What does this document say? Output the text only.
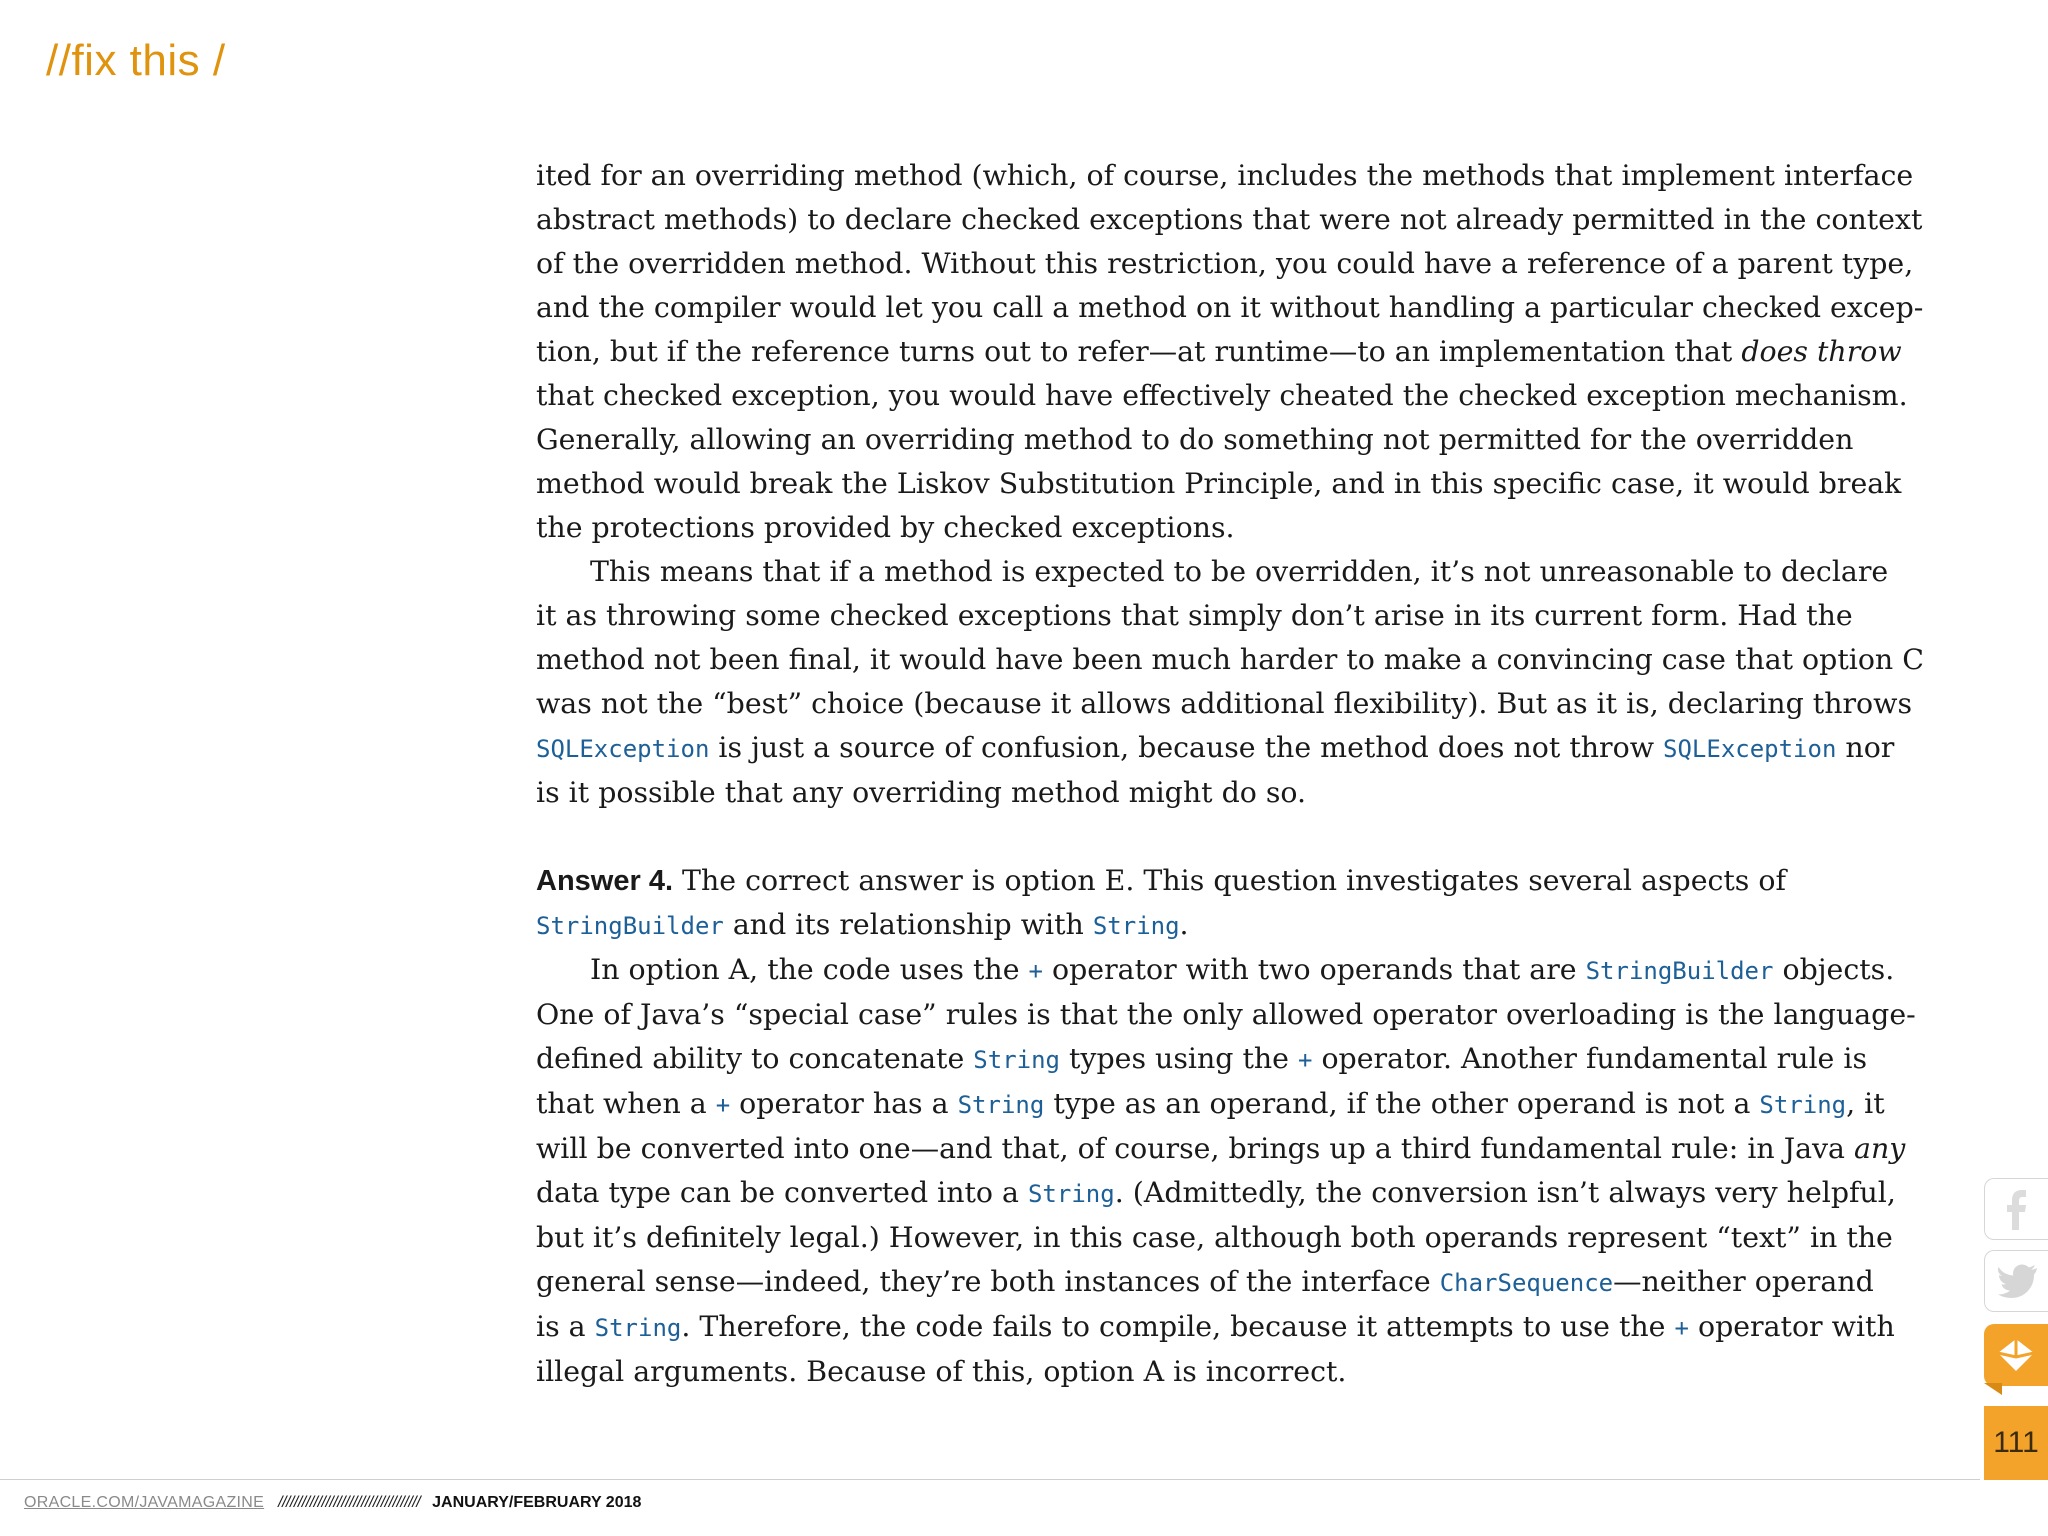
//fix this /

ited for an overriding method (which, of course, includes the methods that implement interface
abstract methods) to declare checked exceptions that were not already permitted in the context
of the overridden method. Without this restriction, you could have a reference of a parent type,
and the compiler would let you call a method on it without handling a particular checked excep-
tion, but if the reference turns out to refer—at runtime—to an implementation that does throw
that checked exception, you would have effectively cheated the checked exception mechanism.
Generally, allowing an overriding method to do something not permitted for the overridden
method would break the Liskov Substitution Principle, and in this specific case, it would break
the protections provided by checked exceptions.

This means that if a method is expected to be overridden, it’s not unreasonable to declare
it as throwing some checked exceptions that simply don’t arise in its current form. Had the
method not been final, it would have been much harder to make a convincing case that option C
was not the “best” choice (because it allows additional flexibility). But as it is, declaring throws
SQLException is just a source of confusion, because the method does not throw SQLException nor
is it possible that any overriding method might do so.

Answer 4. The correct answer is option E. This question investigates several aspects of
StringBuilder and its relationship with String.

In option A, the code uses the + operator with two operands that are StringBuilder objects.
One of Java’s “special case” rules is that the only allowed operator overloading is the language-
defined ability to concatenate String types using the + operator. Another fundamental rule is
that when a + operator has a String type as an operand, if the other operand is not a String, it
will be converted into one—and that, of course, brings up a third fundamental rule: in Java any
data type can be converted into a String. (Admittedly, the conversion isn’t always very helpful,
but it’s definitely legal.) However, in this case, although both operands represent “text” in the
general sense—indeed, they’re both instances of the interface CharSequence—neither operand
is a String. Therefore, the code fails to compile, because it attempts to use the + operator with
illegal arguments. Because of this, option A is incorrect.

111
ORACLE.COM/JAVAMAGAZINE //////////////////////////////////// JANUARY/FEBRUARY 2018
